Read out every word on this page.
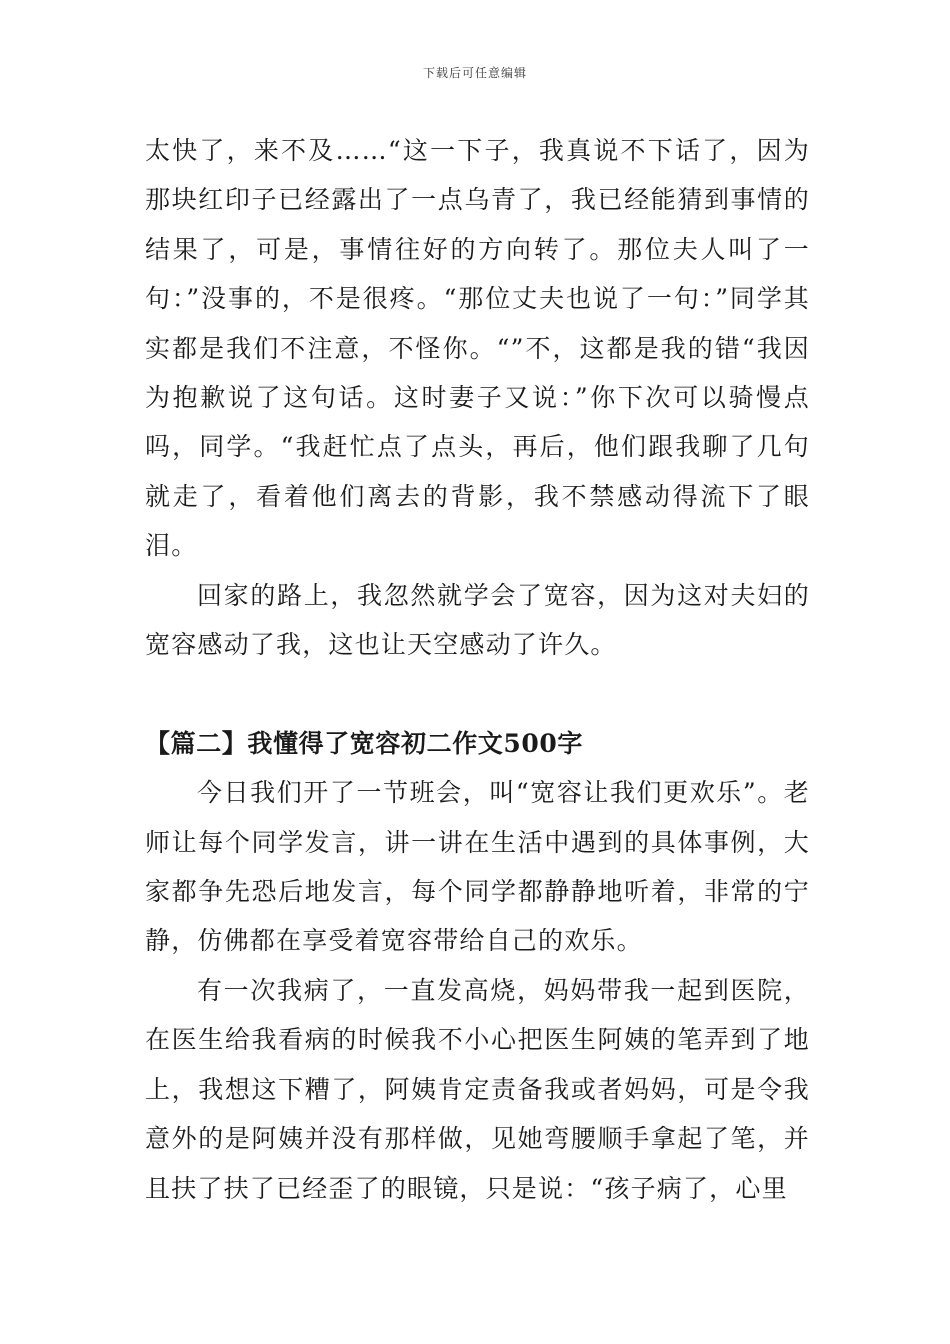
下载后可任意编辑

太快了，来不及……“这一下子，我真说不下话了，因为那块红印子已经露出了一点乌青了，我已经能猜到事情的结果了，可是，事情往好的方向转了。那位夫人叫了一句：”没事的，不是很疼。“那位丈夫也说了一句：”同学其实都是我们不注意，不怪你。“”不，这都是我的错“我因为抱歉说了这句话。这时妻子又说：”你下次可以骑慢点吗，同学。“我赶忙点了点头，再后，他们跟我聊了几句就走了，看着他们离去的背影，我不禁感动得流下了眼泪。

回家的路上，我忽然就学会了宽容，因为这对夫妇的宽容感动了我，这也让天空感动了许久。

【篇二】我懂得了宽容初二作文500字

今日我们开了一节班会，叫“宽容让我们更欢乐”。老师让每个同学发言，讲一讲在生活中遇到的具体事例，大家都争先恐后地发言，每个同学都静静地听着，非常的宁静，仿佛都在享受着宽容带给自己的欢乐。

有一次我病了，一直发高烧，妈妈带我一起到医院，在医生给我看病的时候我不小心把医生阿姨的笔弄到了地上，我想这下糟了，阿姨肯定责备我或者妈妈，可是令我意外的是阿姨并没有那样做，见她弯腰顺手拿起了笔，并且扶了扶了已经歪了的眼镜，只是说：“孩子病了，心里
